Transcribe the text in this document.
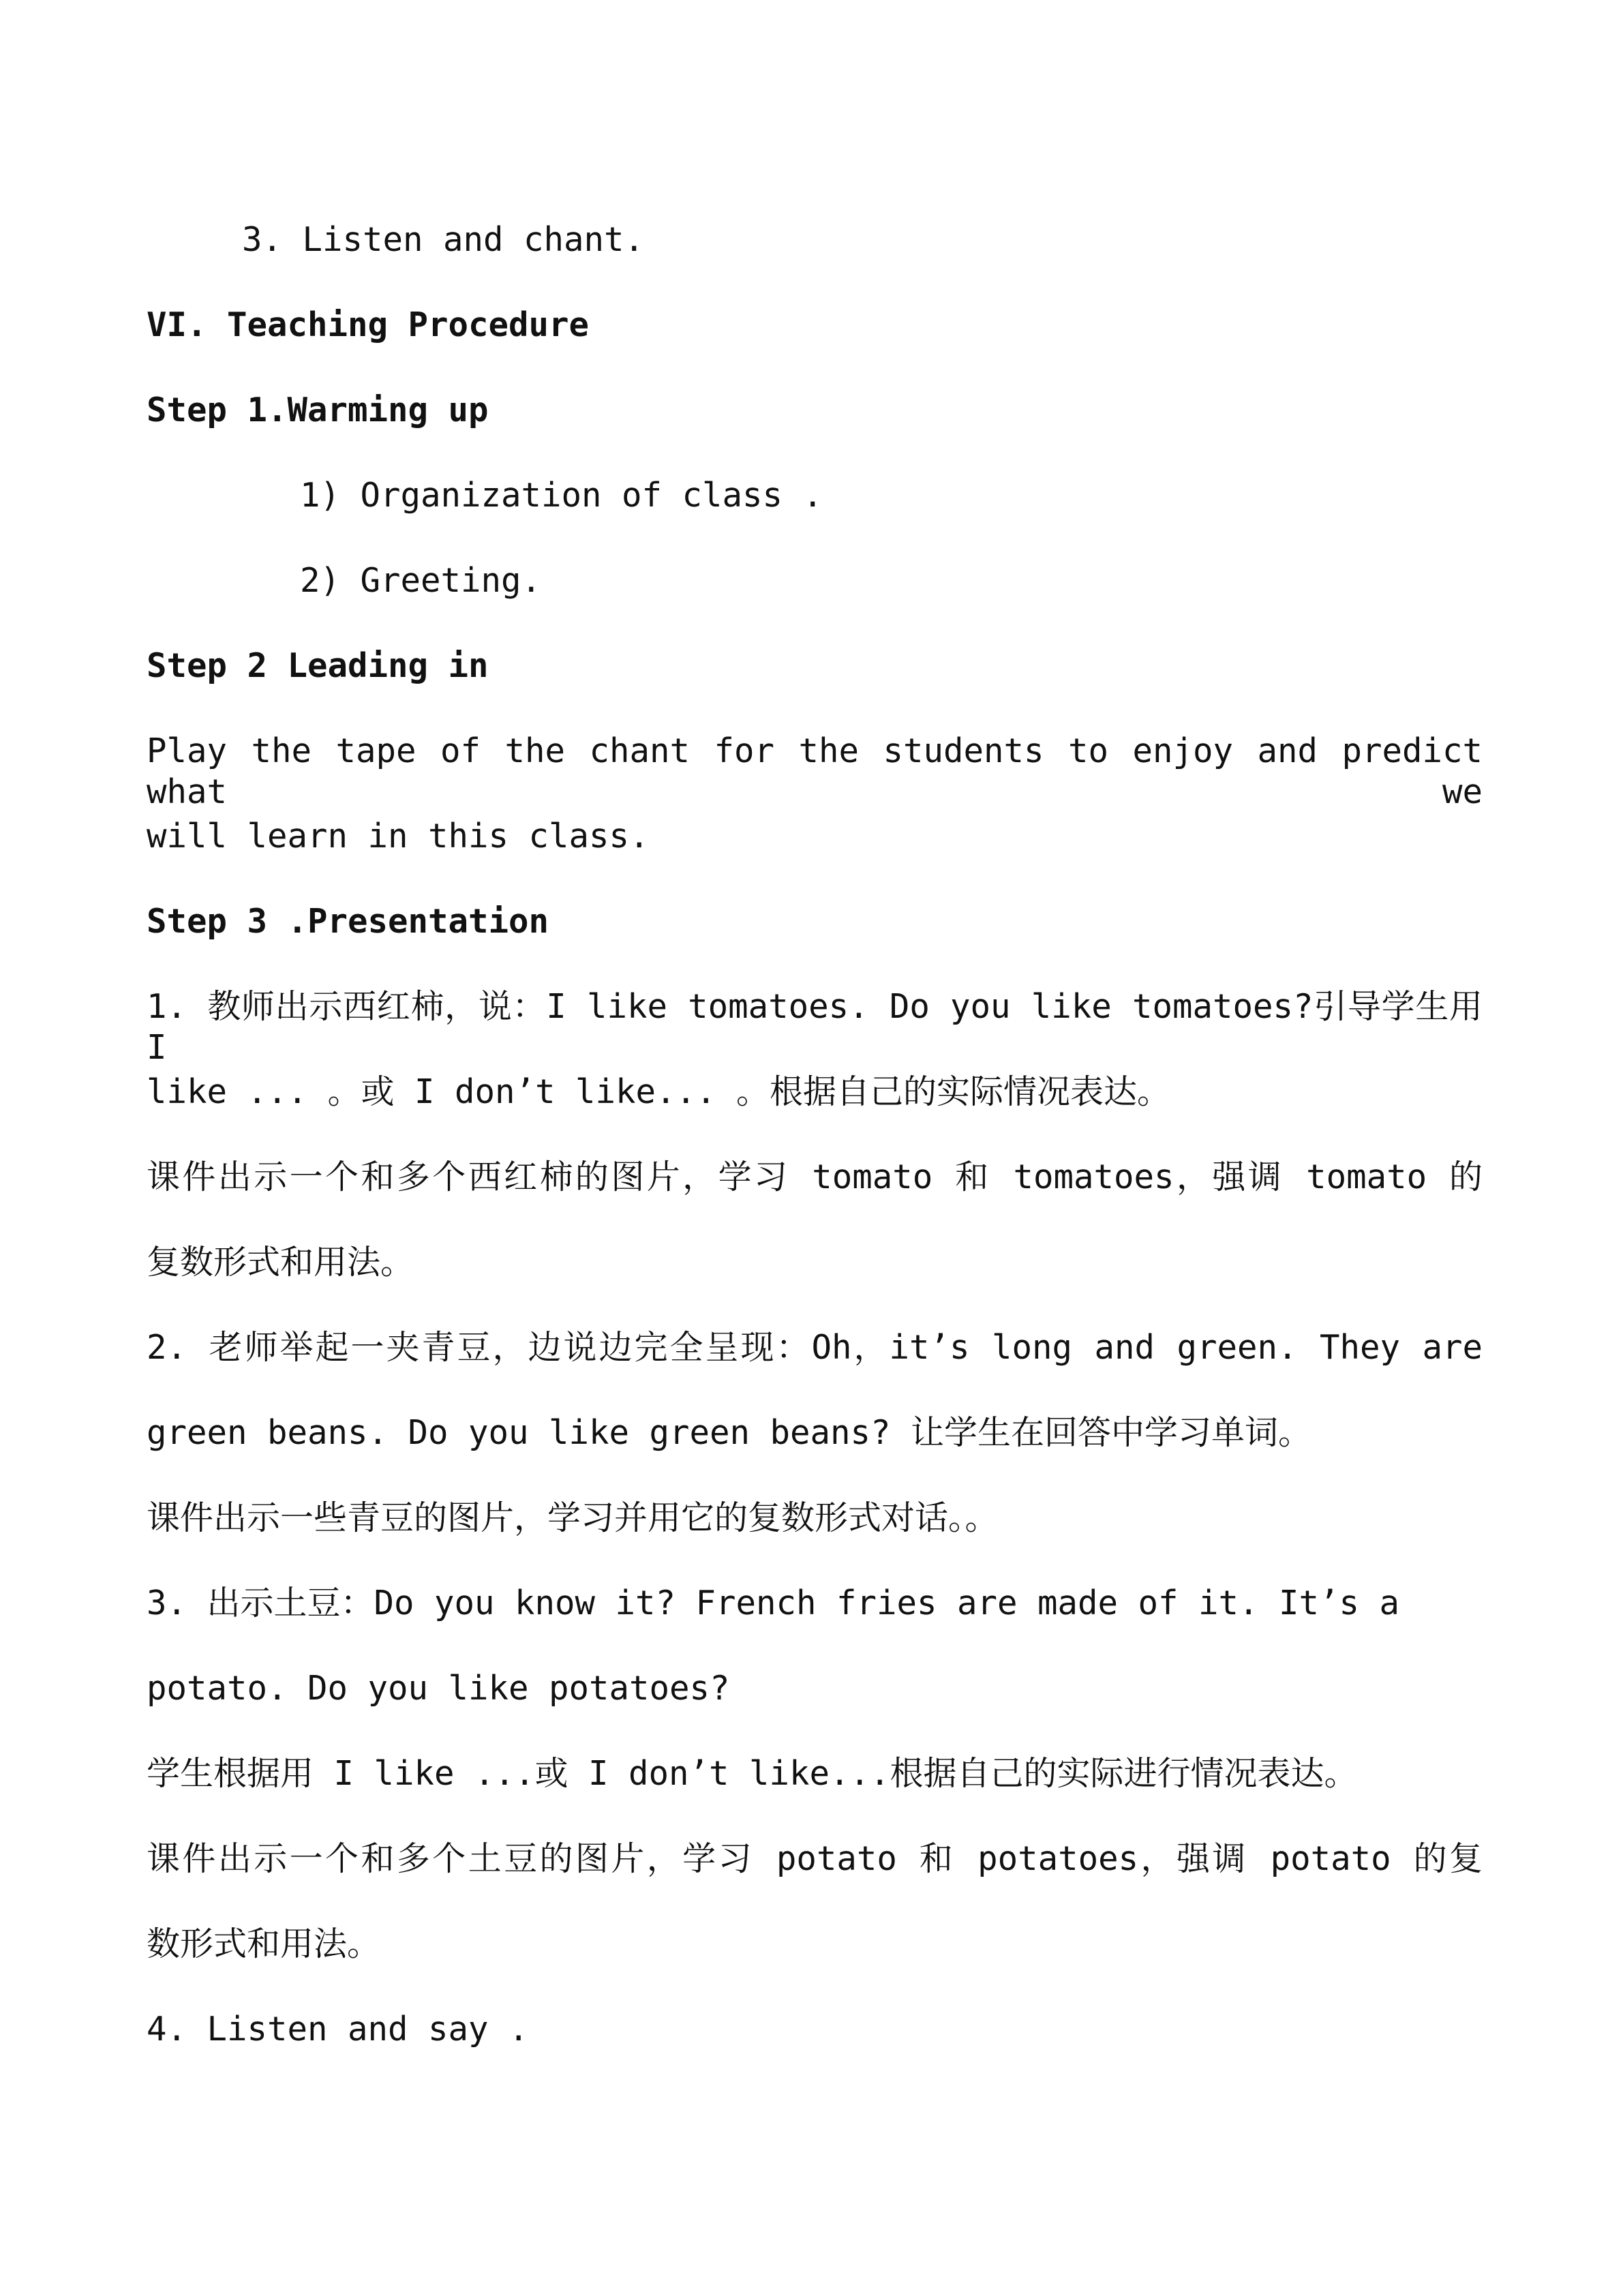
3. Listen and chant.
VI. Teaching Procedure
Step 1.Warming up
1) Organization of class .
2) Greeting.
Step 2 Leading in
Play the tape of the chant for the students to enjoy and predict what we
will learn in this class.
Step 3 .Presentation
1. 教师出示西红柿，说：I like tomatoes. Do you like tomatoes?引导学生用 I
like ... 。或 I don’t like... 。根据自己的实际情况表达。
课件出示一个和多个西红柿的图片，学习 tomato 和 tomatoes，强调 tomato 的
复数形式和用法。
2. 老师举起一夹青豆，边说边完全呈现：Oh，it’s long and green. They are
green beans. Do you like green beans? 让学生在回答中学习单词。
课件出示一些青豆的图片，学习并用它的复数形式对话。。
3. 出示土豆：Do you know it? French fries are made of it. It’s a
potato. Do you like potatoes?
学生根据用 I like ...或 I don’t like...根据自己的实际进行情况表达。
课件出示一个和多个土豆的图片，学习 potato 和 potatoes，强调 potato 的复
数形式和用法。
4. Listen and say .
